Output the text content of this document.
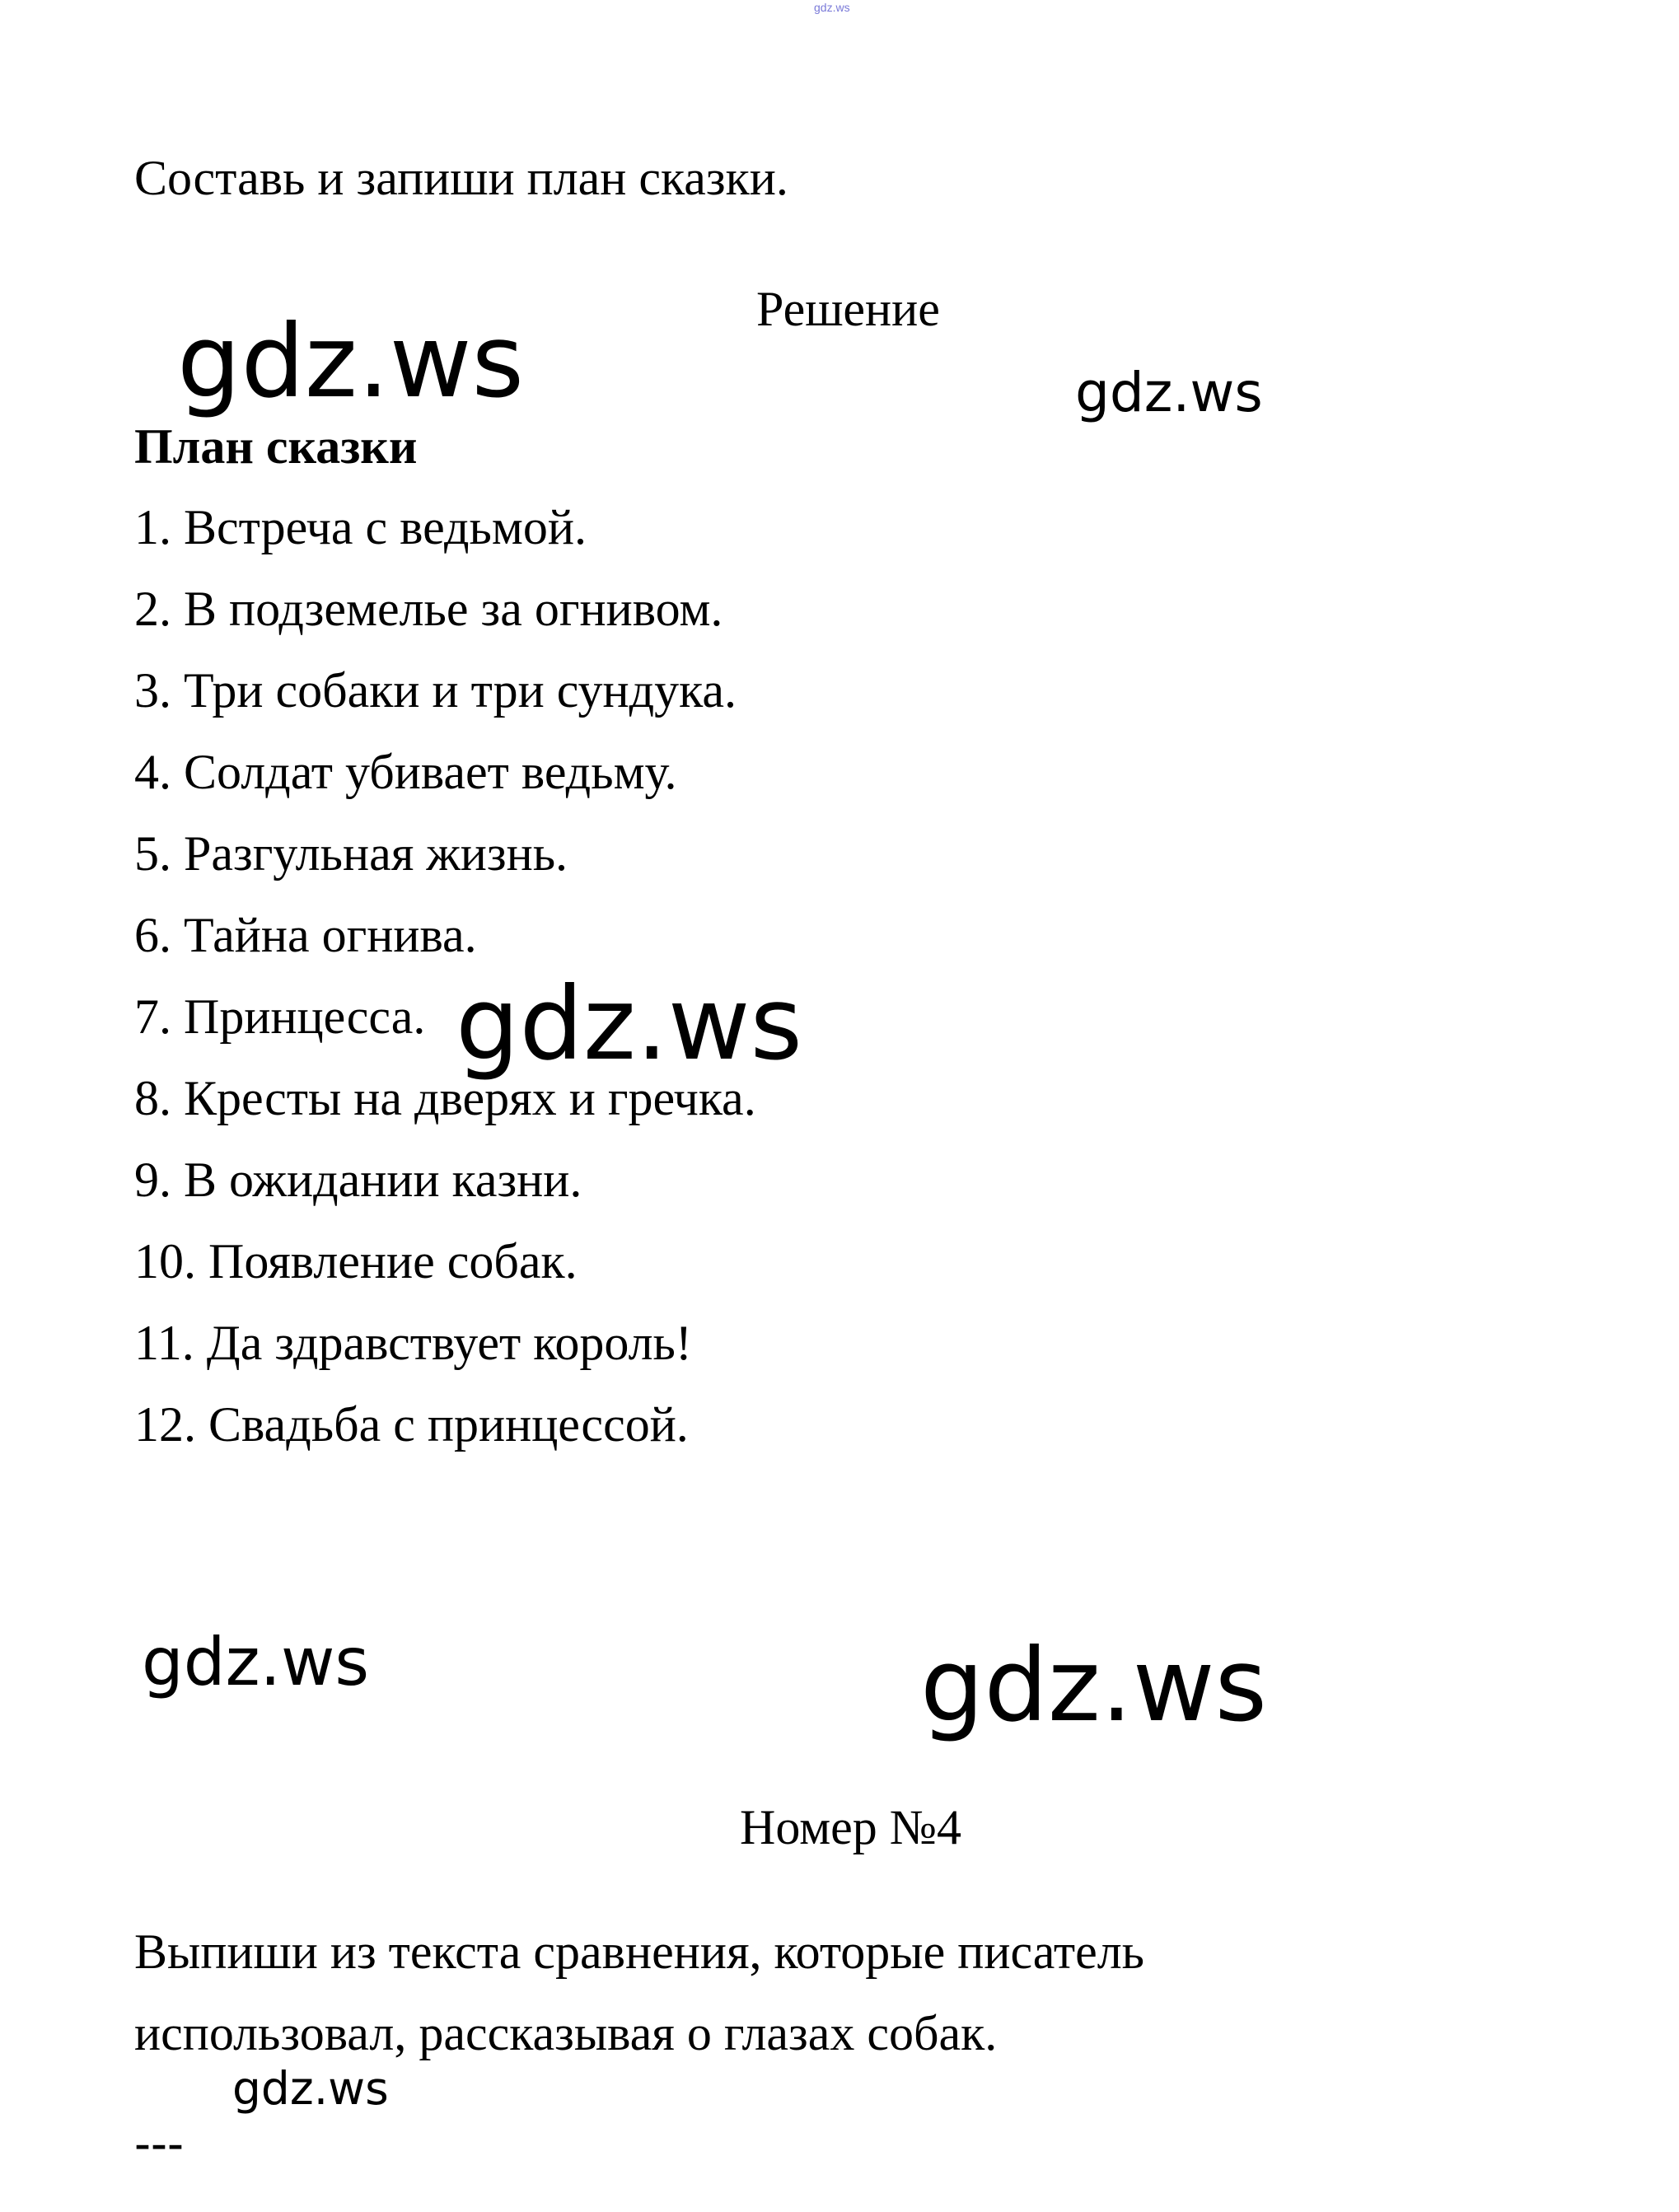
gdz.ws
Составь и запиши план сказки.
Решение
gdz.ws	gdz.ws
План сказки
1. Встреча с ведьмой.
2. В подземелье за огнивом.
3. Три собаки и три сундука.
4. Солдат убивает ведьму.
5. Разгульная жизнь.
6. Тайна огнива.
7. Принцесса.
8. Кресты на дверях и гречка.
9. В ожидании казни.
10. Появление собак.
11. Да здравствует король!
12. Свадьба с принцессой.
gdz.ws
gdz.ws	gdz.ws
Номер №4
Выпиши из текста сравнения, которые писатель
использовал, рассказывая о глазах собак.
gdz.ws
---
